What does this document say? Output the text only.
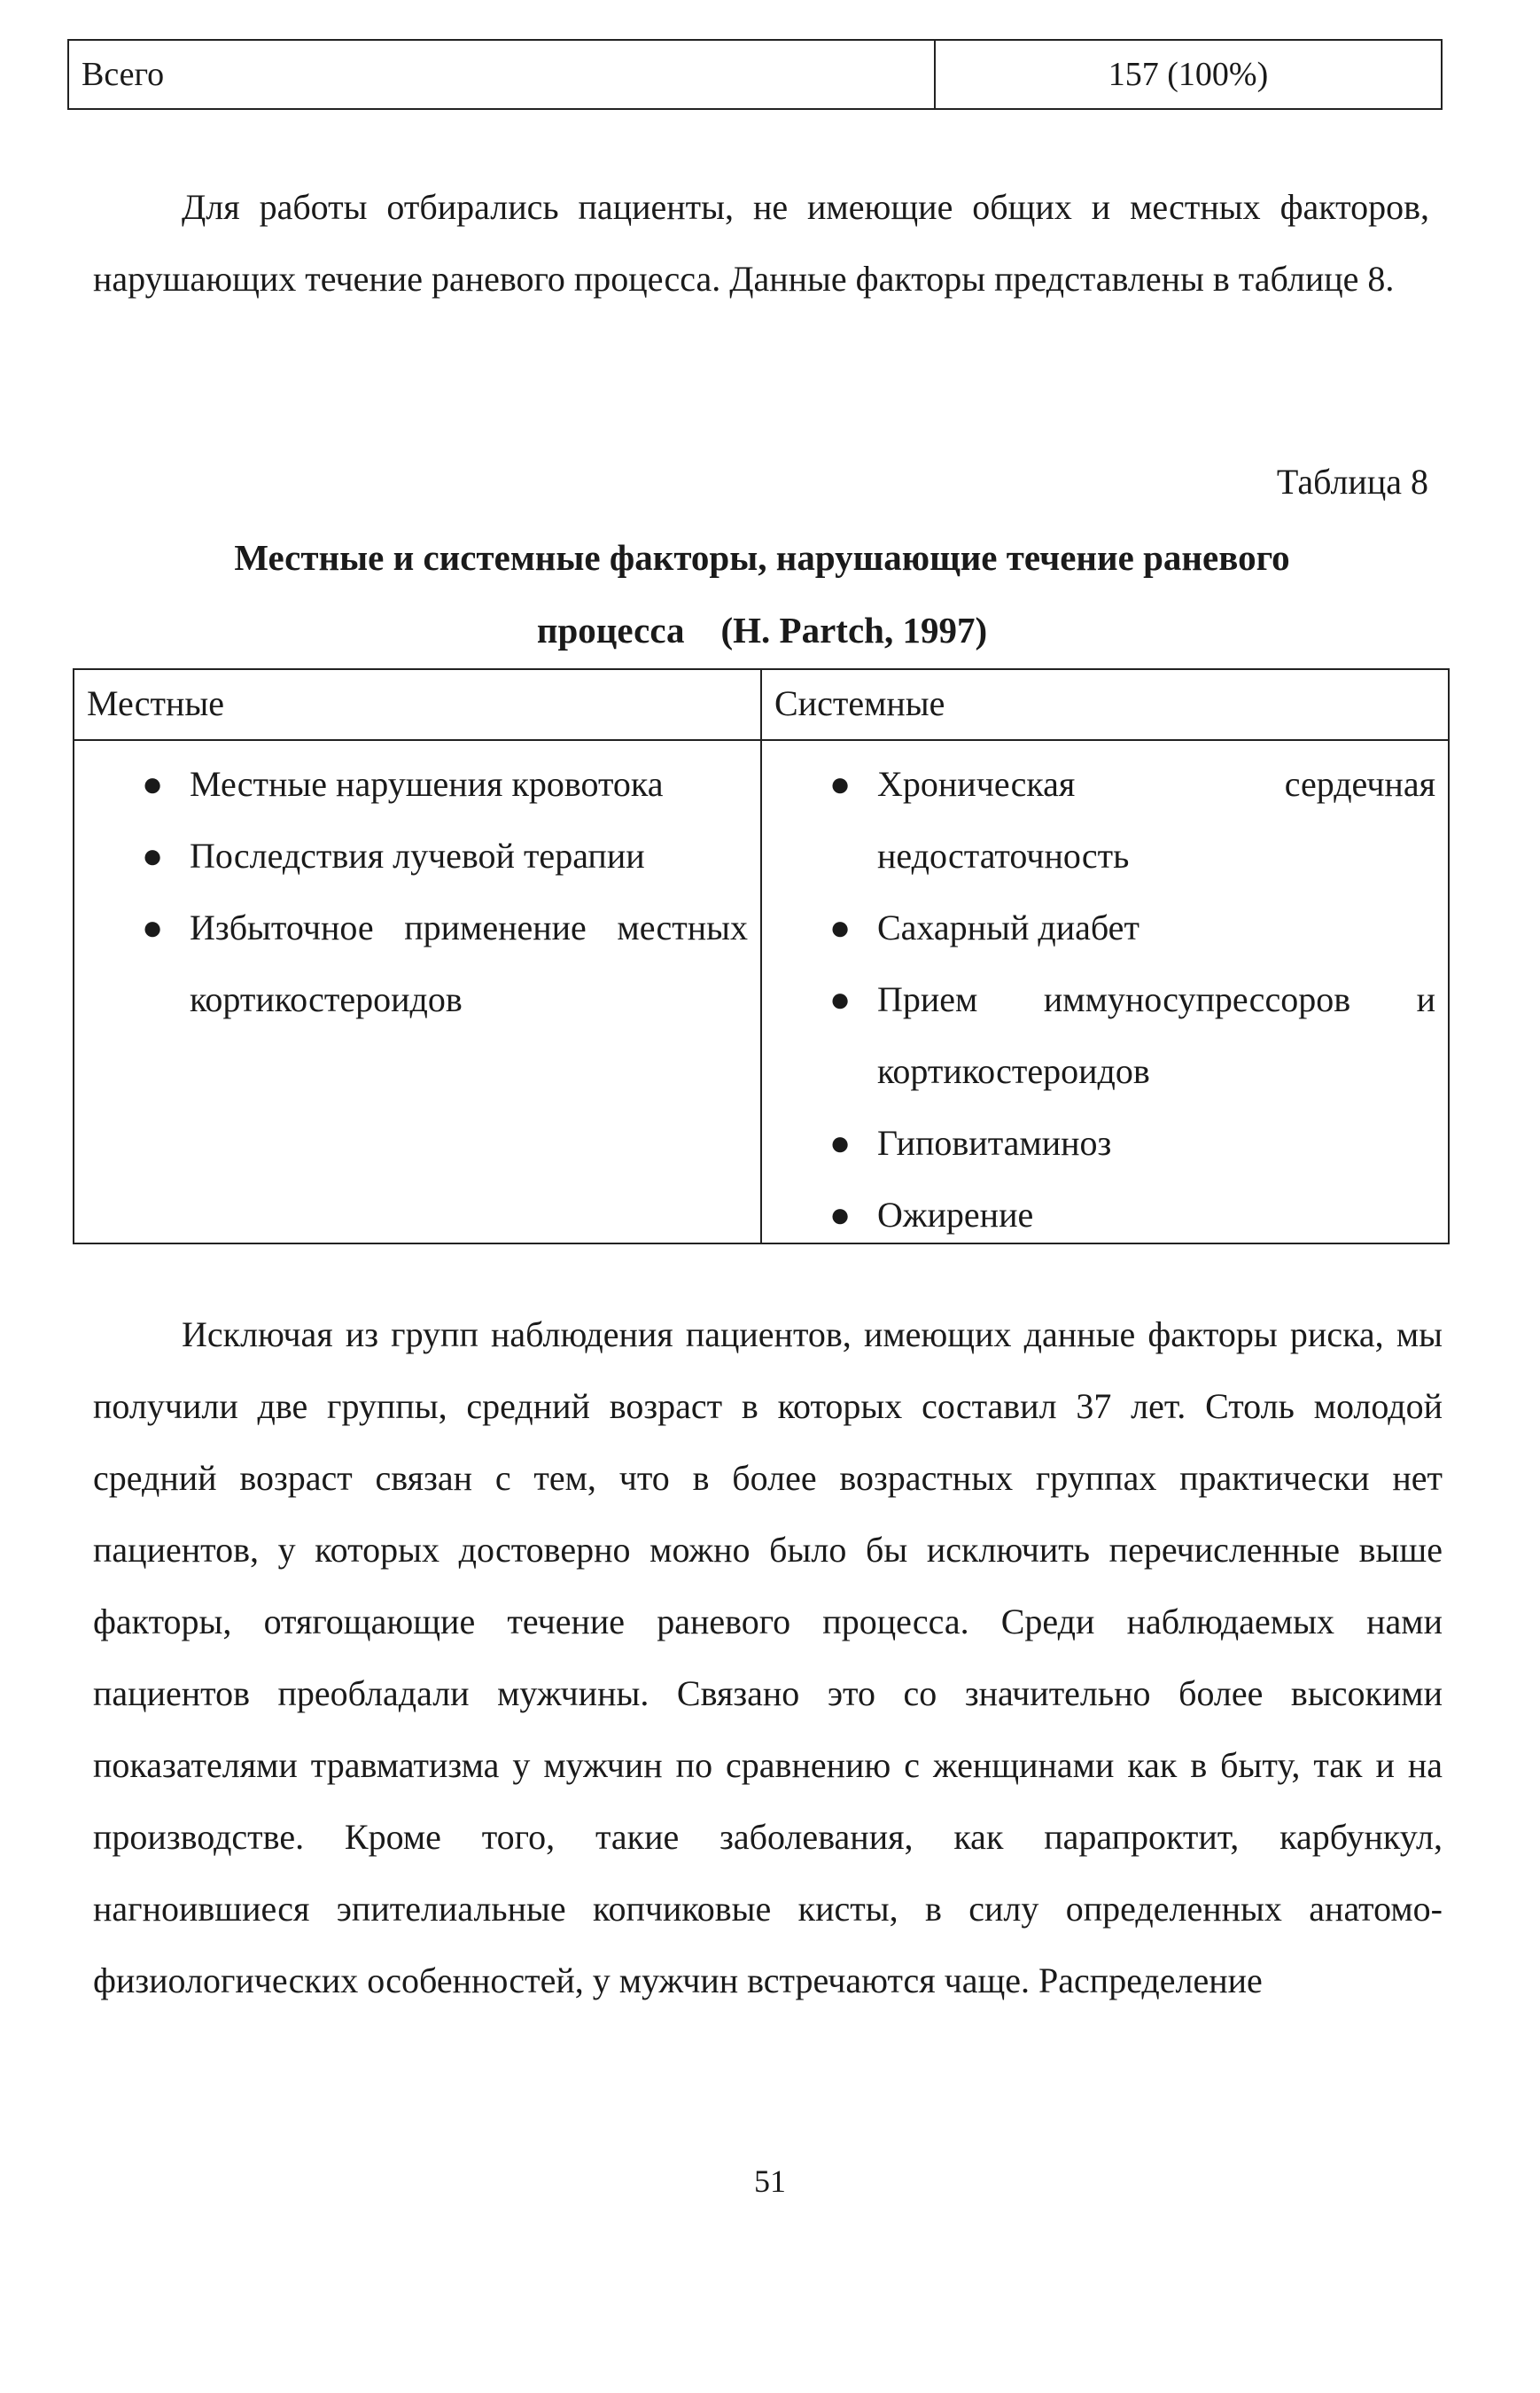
Всего	157 (100%)

Для работы отбирались пациенты, не имеющие общих и местных факторов, нарушающих течение раневого процесса. Данные факторы представлены в таблице 8.

Таблица 8
Местные и системные факторы, нарушающие течение раневого
процесса    (H. Partch, 1997)
Местные	Системные
● Местные нарушения кровотока
● Последствия лучевой терапии
● Избыточное применение местных кортикостероидов
● Хроническая сердечная недостаточность
● Сахарный диабет
● Прием иммуносупрессоров и кортикостероидов
● Гиповитаминоз
● Ожирение

Исключая из групп наблюдения пациентов, имеющих данные факторы риска, мы получили две группы, средний возраст в которых составил 37 лет. Столь молодой средний возраст связан с тем, что в более возрастных группах практически нет пациентов, у которых достоверно можно было бы исключить перечисленные выше факторы, отягощающие течение раневого процесса. Среди наблюдаемых нами пациентов преобладали мужчины. Связано это со значительно более высокими показателями травматизма у мужчин по сравнению с женщинами как в быту, так и на производстве. Кроме того, такие заболевания, как парапроктит, карбункул, нагноившиеся эпителиальные копчиковые кисты, в силу определенных анатомо-физиологических особенностей, у мужчин встречаются чаще. Распределение

51
